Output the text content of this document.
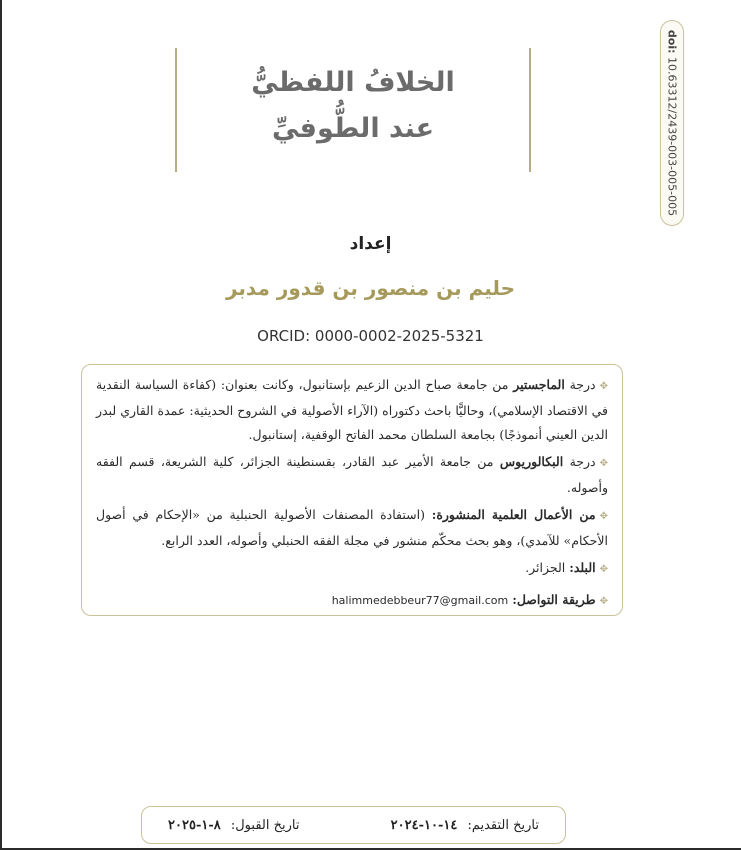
doi: 10.63312/2439-003-005-005
الخلافُ اللفظيُّ
عند الطُّوفيِّ
إعداد
حليم بن منصور بن قدور مدبر
ORCID: 0000-0002-2025-5321
✥درجة الماجستير من جامعة صباح الدين الزعيم بإستانبول، وكانت بعنوان: (كفاءة السياسة النقدية في الاقتصاد الإسلامي)، وحاليًّا باحث دكتوراه (الآراء الأصولية في الشروح الحديثية: عمدة القاري لبدر الدين العيني أنموذجًا) بجامعة السلطان محمد الفاتح الوقفية، إستانبول.
✥درجة البكالوريوس من جامعة الأمير عبد القادر، بقسنطينة الجزائر، كلية الشريعة، قسم الفقه وأصوله.
✥من الأعمال العلمية المنشورة: (استفادة المصنفات الأصولية الحنبلية من «الإحكام في أصول الأحكام» للآمدي)، وهو بحث محكّم منشور في مجلة الفقه الحنبلي وأصوله، العدد الرابع.
✥البلد: الجزائر.
✥طريقة التواصل: halimmedebbeur77@gmail.com
تاريخ التقديم: ١٤-١٠-٢٠٢٤
تاريخ القبول: ٨-١-٢٠٢٥
